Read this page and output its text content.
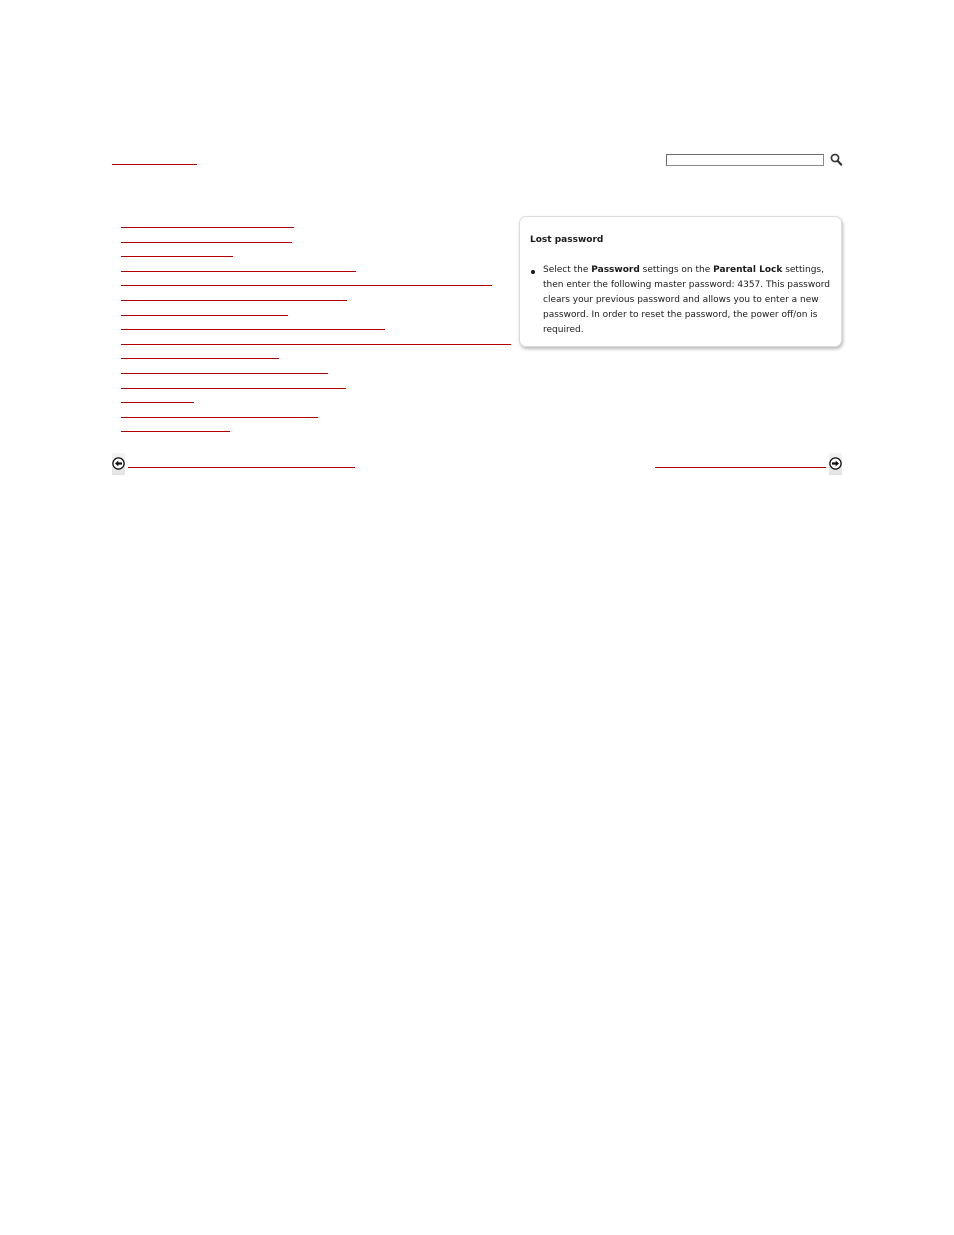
Lost password
Select the Password settings on the Parental Lock settings, then enter the following master password: 4357. This password clears your previous password and allows you to enter a new password. In order to reset the password, the power off/on is required.
